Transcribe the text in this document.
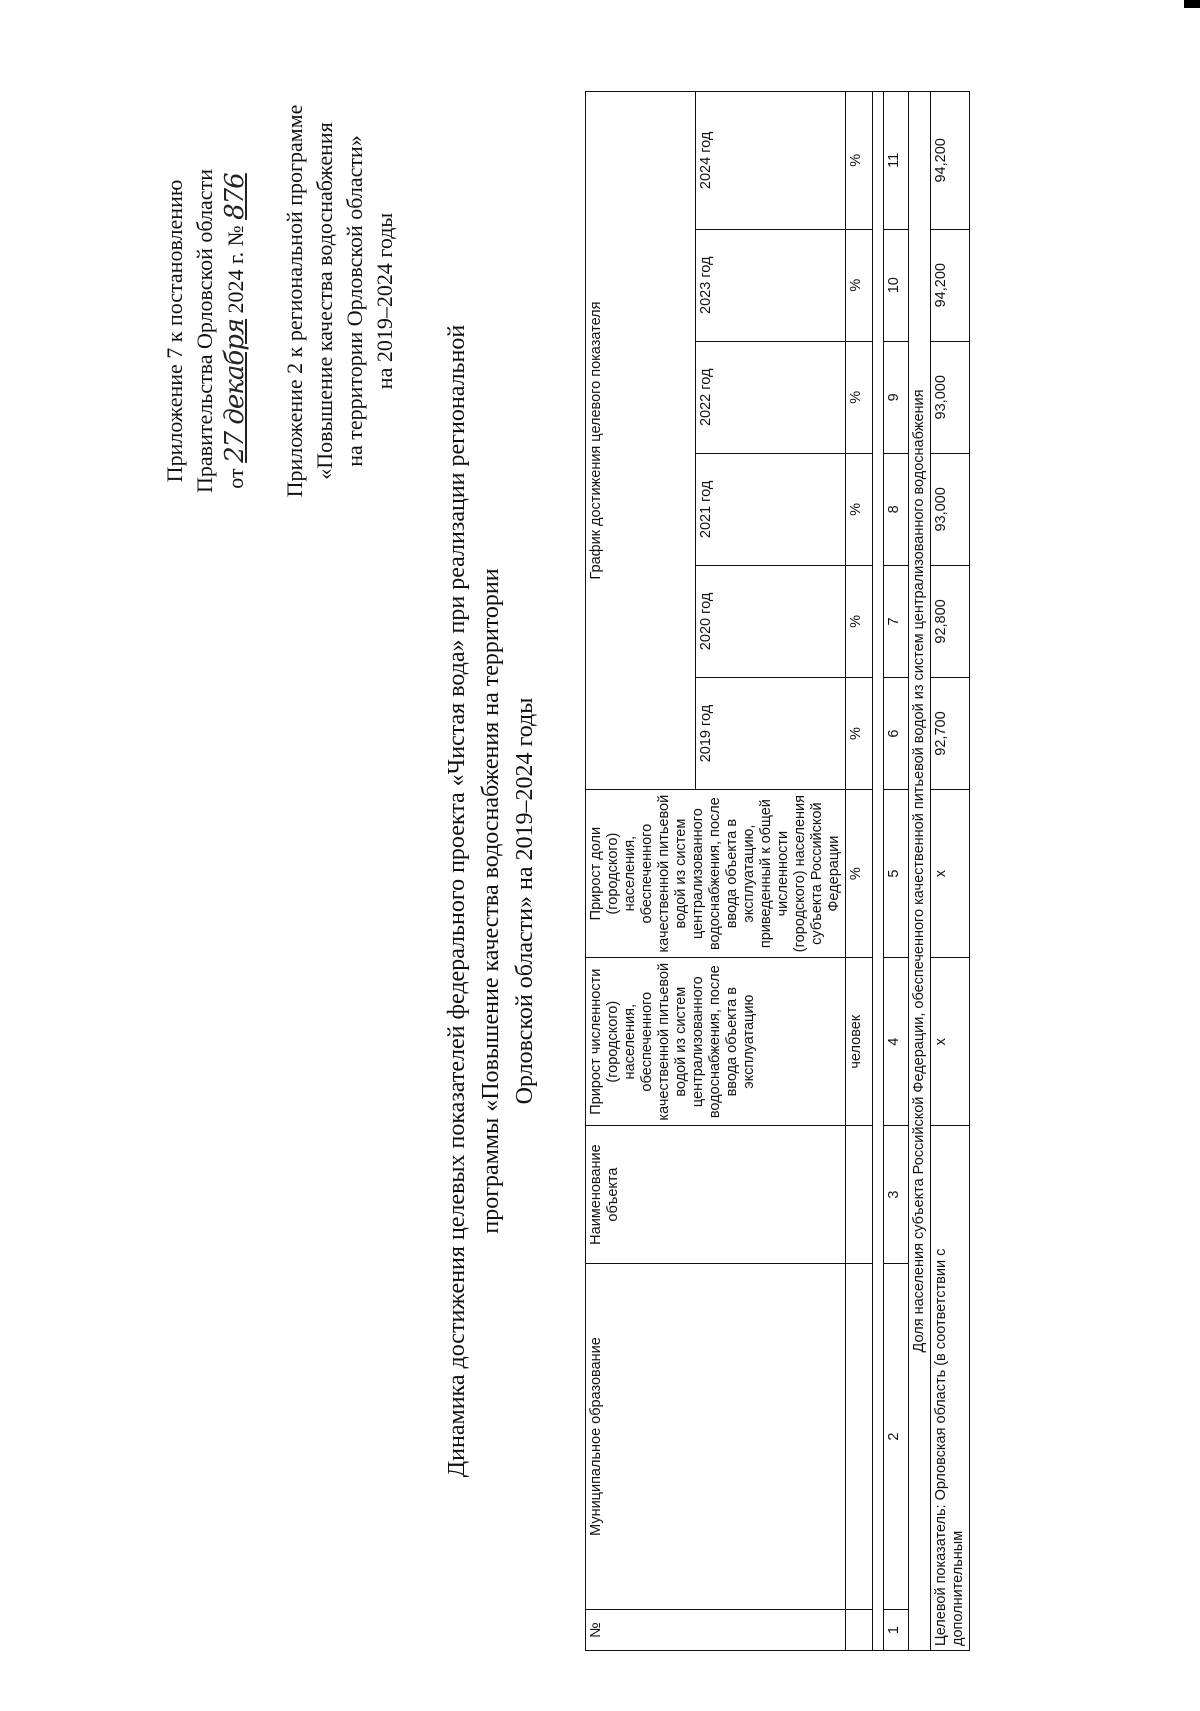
Приложение 7 к постановлению Правительства Орловской области от 27 декабря 2024 г. № 876 Приложение 2 к региональной программе «Повышение качества водоснабжения на территории Орловской области» на 2019–2024 годы
Динамика достижения целевых показателей федерального проекта «Чистая вода» при реализации региональной программы «Повышение качества водоснабжения на территории Орловской области» на 2019–2024 годы
№	Муниципальное образование	Наименование объекта	Прирост численности (городского) населения, обеспеченного качественной питьевой водой из систем централизованного водоснабжения, после ввода объекта в эксплуатацию	Прирост доли (городского) населения, обеспеченного качественной питьевой водой из систем централизованного водоснабжения, после ввода объекта в эксплуатацию, приведенный к общей численности (городского) населения субъекта Российской Федерации	График достижения целевого показателя					
					2019 год	2020 год	2021 год	2022 год	2023 год	2024 год
			человек	%	%	%	%	%	%	%

1	2	3	4	5	6	7	8	9	10	11
Доля населения субъекта Российской Федерации, обеспеченного качественной питьевой водой из систем централизованного водоснабжения										
Целевой показатель: Орловская область (в соответствии с дополнительным			x	x	92,700	92,800	93,000	93,000	94,200	94,200
